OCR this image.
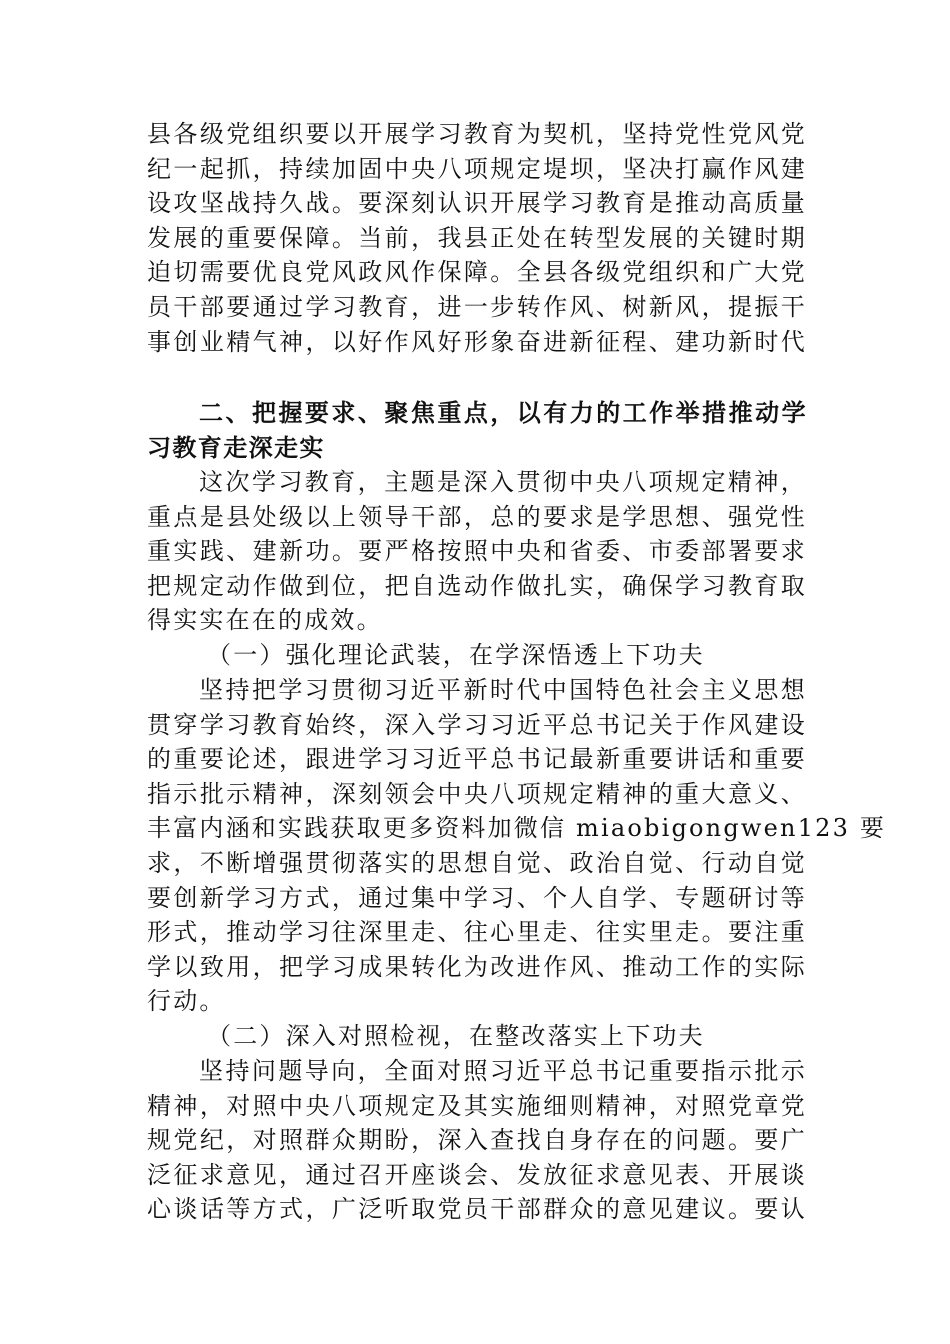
县各级党组织要以开展学习教育为契机，坚持党性党风党
纪一起抓，持续加固中央八项规定堤坝，坚决打赢作风建
设攻坚战持久战。要深刻认识开展学习教育是推动高质量
发展的重要保障。当前，我县正处在转型发展的关键时期
迫切需要优良党风政风作保障。全县各级党组织和广大党
员干部要通过学习教育，进一步转作风、树新风，提振干
事创业精气神，以好作风好形象奋进新征程、建功新时代
二、把握要求、聚焦重点，以有力的工作举措推动学
习教育走深走实
这次学习教育，主题是深入贯彻中央八项规定精神，
重点是县处级以上领导干部，总的要求是学思想、强党性
重实践、建新功。要严格按照中央和省委、市委部署要求
把规定动作做到位，把自选动作做扎实，确保学习教育取
得实实在在的成效。
（一）强化理论武装，在学深悟透上下功夫
坚持把学习贯彻习近平新时代中国特色社会主义思想
贯穿学习教育始终，深入学习习近平总书记关于作风建设
的重要论述，跟进学习习近平总书记最新重要讲话和重要
指示批示精神，深刻领会中央八项规定精神的重大意义、
丰富内涵和实践获取更多资料加微信 miaobigongwen123 要
求，不断增强贯彻落实的思想自觉、政治自觉、行动自觉
要创新学习方式，通过集中学习、个人自学、专题研讨等
形式，推动学习往深里走、往心里走、往实里走。要注重
学以致用，把学习成果转化为改进作风、推动工作的实际
行动。
（二）深入对照检视，在整改落实上下功夫
坚持问题导向，全面对照习近平总书记重要指示批示
精神，对照中央八项规定及其实施细则精神，对照党章党
规党纪，对照群众期盼，深入查找自身存在的问题。要广
泛征求意见，通过召开座谈会、发放征求意见表、开展谈
心谈话等方式，广泛听取党员干部群众的意见建议。要认
